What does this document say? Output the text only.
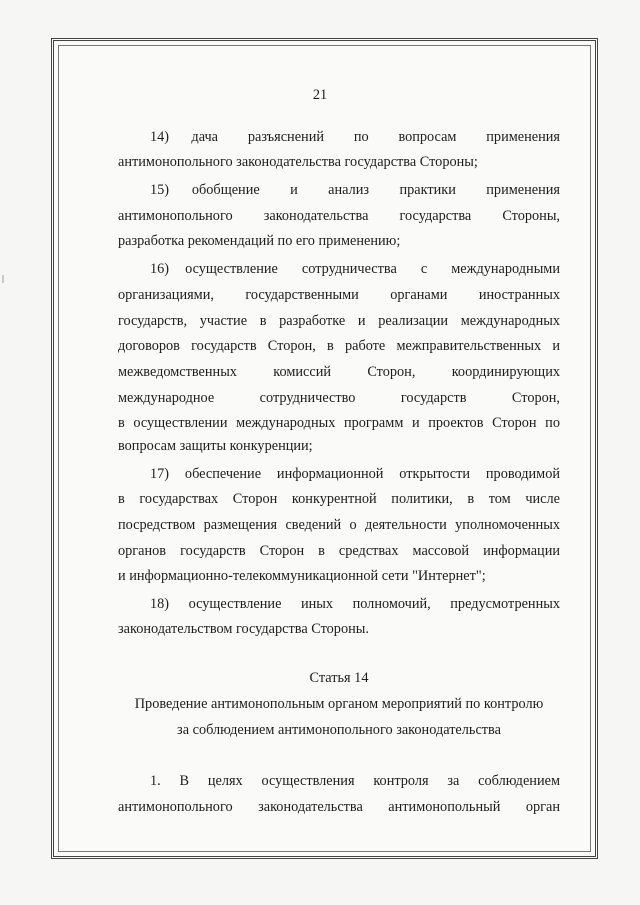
21
14)   дача    разъяснений    по    вопросам    применения
антимонопольного законодательства государства Стороны;
15)   обобщение    и    анализ    практики    применения
антимонопольного    законодательства    государства    Стороны,
разработка рекомендаций по его применению;
16)  осуществление   сотрудничества   с   международными
организациями,    государственными    органами    иностранных
государств, участие в разработке и реализации международных
договоров государств Сторон, в работе межправительственных и
межведомственных    комиссий    Сторон,    координирующих
международное    сотрудничество    государств    Сторон,
в осуществлении международных программ и проектов Сторон по
вопросам защиты конкуренции;
17) обеспечение информационной открытости проводимой
в государствах Сторон конкурентной политики, в том числе
посредством размещения сведений о деятельности уполномоченных
органов государств Сторон в средствах массовой информации
и информационно-телекоммуникационной сети "Интернет";
18)   осуществление   иных   полномочий,   предусмотренных
законодательством государства Стороны.
Статья 14
Проведение антимонопольным органом мероприятий по контролю
за соблюдением антимонопольного законодательства
1.   В   целях   осуществления   контроля   за   соблюдением
антимонопольного    законодательства    антимонопольный    орган
